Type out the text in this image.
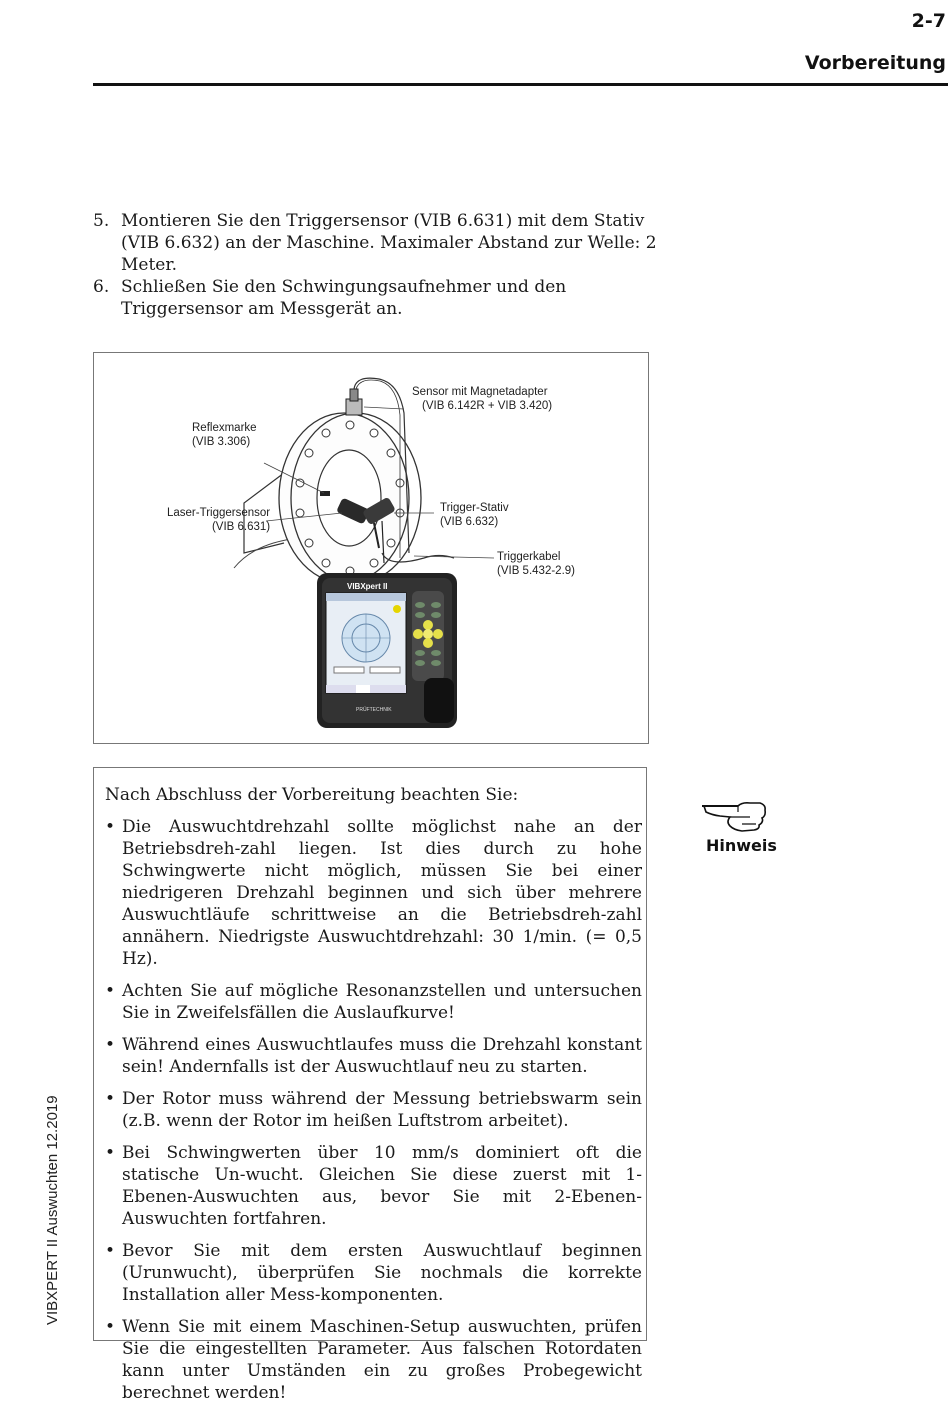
2-7
Vorbereitung
5. Montieren Sie den Triggersensor (VIB 6.631) mit dem Stativ (VIB 6.632) an der Maschine. Maximaler Abstand zur Welle: 2 Meter.
6. Schließen Sie den Schwingungsaufnehmer und den Triggersensor am Messgerät an.
VIBXpert II
PRÜFTECHNIK
Sensor mit Magnetadapter
(VIB 6.142R + VIB 3.420)
Reflexmarke
(VIB 3.306)
Laser-Triggersensor
(VIB 6.631)
Trigger-Stativ
(VIB 6.632)
Triggerkabel
(VIB 5.432-2.9)
Nach Abschluss der Vorbereitung beachten Sie:
• Die Auswuchtdrehzahl sollte möglichst nahe an der Betriebsdreh-zahl liegen. Ist dies durch zu hohe Schwingwerte nicht möglich, müssen Sie bei einer niedrigeren Drehzahl beginnen und sich über mehrere Auswuchtläufe schrittweise an die Betriebsdreh-zahl annähern. Niedrigste Auswuchtdrehzahl: 30 1/min. (= 0,5 Hz).
• Achten Sie auf mögliche Resonanzstellen und untersuchen Sie in Zweifelsfällen die Auslaufkurve!
• Während eines Auswuchtlaufes muss die Drehzahl konstant sein! Andernfalls ist der Auswuchtlauf neu zu starten.
• Der Rotor muss während der Messung betriebswarm sein (z.B. wenn der Rotor im heißen Luftstrom arbeitet).
• Bei Schwingwerten über 10 mm/s dominiert oft die statische Un-wucht. Gleichen Sie diese zuerst mit 1-Ebenen-Auswuchten aus, bevor Sie mit 2-Ebenen-Auswuchten fortfahren.
• Bevor Sie mit dem ersten Auswuchtlauf beginnen (Urunwucht), überprüfen Sie nochmals die korrekte Installation aller Mess-komponenten.
• Wenn Sie mit einem Maschinen-Setup auswuchten, prüfen Sie die eingestellten Parameter. Aus falschen Rotordaten kann unter Umständen ein zu großes Probegewicht berechnet werden!
Hinweis
VIBXPERT II Auswuchten 12.2019
